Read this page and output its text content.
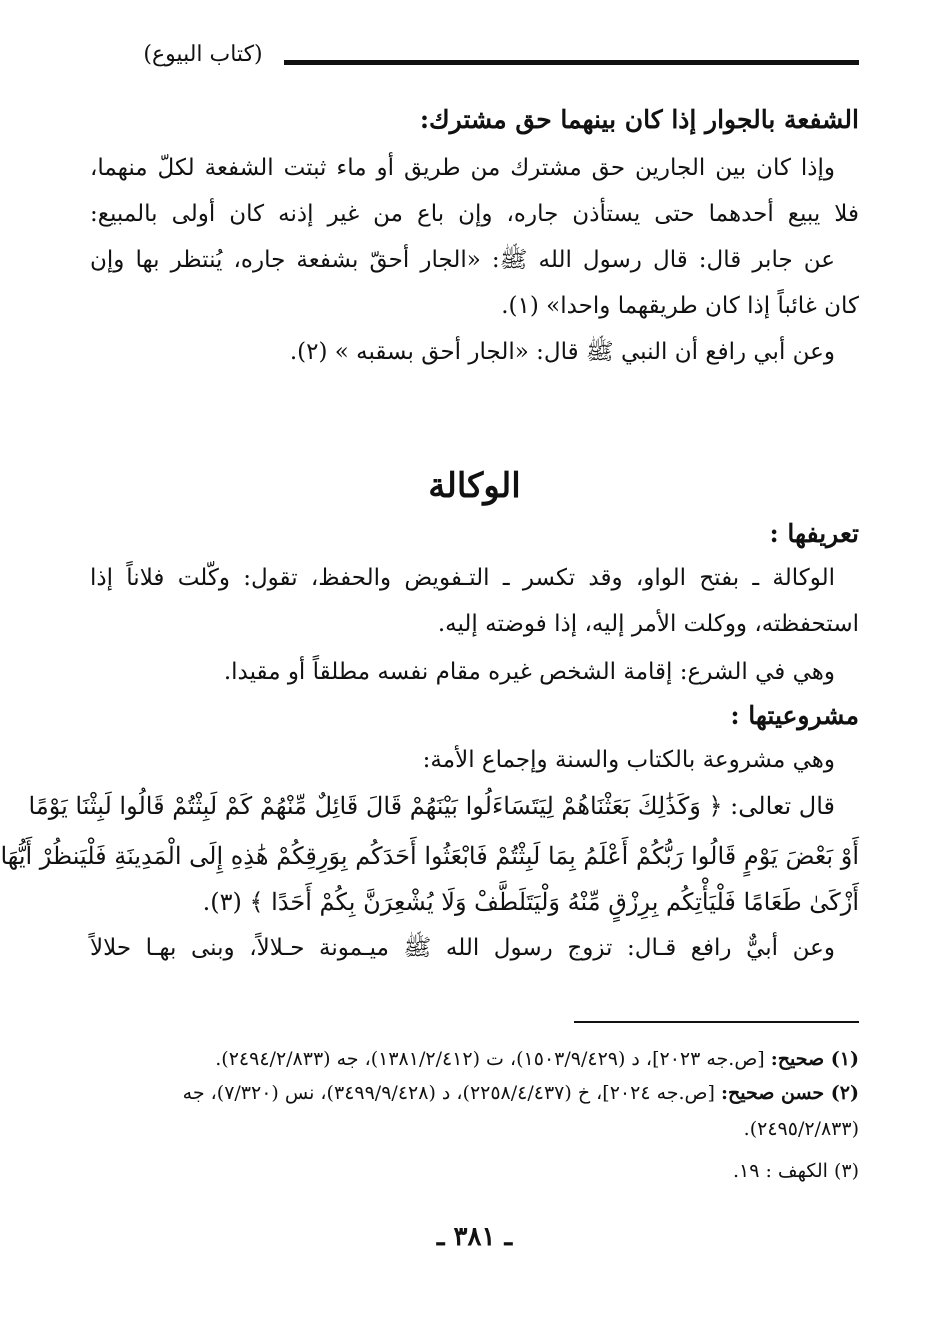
(كتاب البيوع)
الشفعة بالجوار إذا كان بينهما حق مشترك:
وإذا كان بين الجارين حق مشترك من طريق أو ماء ثبتت الشفعة لكلّ منهما،
فلا يبيع أحدهما حتى يستأذن جاره، وإن باع من غير إذنه كان أولى بالمبيع:
عن جابر قال: قال رسول الله ﷺ: «الجار أحقّ بشفعة جاره، يُنتظر بها وإن
كان غائباً إذا كان طريقهما واحدا» (١).
وعن أبي رافع أن النبي ﷺ قال: «الجار أحق بسقبه » (٢).
الوكالة
تعريفها :
الوكالة ـ بفتح الواو، وقد تكسر ـ التـفويض والحفظ، تقول: وكّلت فلاناً إذا
استحفظته، ووكلت الأمر إليه، إذا فوضته إليه.
وهي في الشرع: إقامة الشخص غيره مقام نفسه مطلقاً أو مقيدا.
مشروعيتها :
وهي مشروعة بالكتاب والسنة وإجماع الأمة:
قال تعالى: ﴿ وَكَذَٰلِكَ بَعَثْنَاهُمْ لِيَتَسَاءَلُوا بَيْنَهُمْ قَالَ قَائِلٌ مِّنْهُمْ كَمْ لَبِثْتُمْ قَالُوا لَبِثْنَا يَوْمًا
أَوْ بَعْضَ يَوْمٍ قَالُوا رَبُّكُمْ أَعْلَمُ بِمَا لَبِثْتُمْ فَابْعَثُوا أَحَدَكُم بِوَرِقِكُمْ هَٰذِهِ إِلَى الْمَدِينَةِ فَلْيَنظُرْ أَيُّهَا
أَزْكَىٰ طَعَامًا فَلْيَأْتِكُم بِرِزْقٍ مِّنْهُ وَلْيَتَلَطَّفْ وَلَا يُشْعِرَنَّ بِكُمْ أَحَدًا ﴾ (٣).
وعن أبيٌّ رافع قـال: تزوج رسول الله ﷺ ميـمونة حـلالاً، وبنى بهـا حلالاً
(١) صحيح: [ص.جه ٢٠٢٣]، د (١٥٠٣/٩/٤٢٩)، ت (١٣٨١/٢/٤١٢)، جه (٢٤٩٤/٢/٨٣٣).
(٢) حسن صحيح: [ص.جه ٢٠٢٤]، خ (٢٢٥٨/٤/٤٣٧)، د (٣٤٩٩/٩/٤٢٨)، نس (٧/٣٢٠)، جه
(٢٤٩٥/٢/٨٣٣).
(٣) الكهف : ١٩.
ـ ٣٨١ ـ
